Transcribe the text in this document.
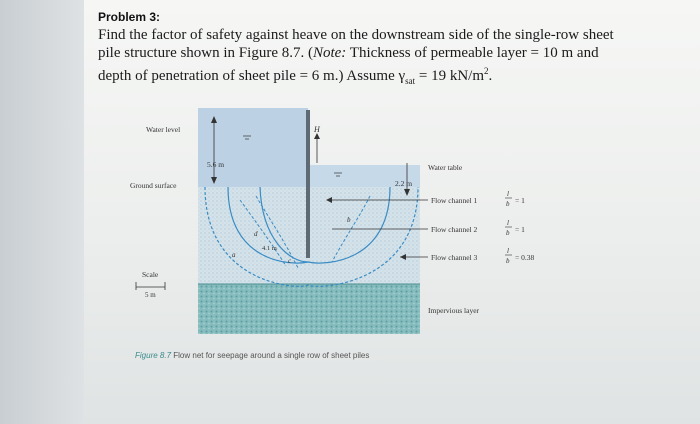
Problem 3:
Find the factor of safety against heave on the downstream side of the single-row sheet
pile structure shown in Figure 8.7. (Note: Thickness of permeable layer = 10 m and
depth of penetration of sheet pile = 6 m.) Assume $\gamma_{sat} = 19$ $kN/m^2$.
Water level
Ground surface
Water table
H
5.6 m
2.2 m
Flow channel 1
Flow channel 2
Flow channel 3
l
b = 1
l
b = 1
l
b = 0.38
Impervious layer
Scale
5 m
a
b
c
d
4.1 m
Figure 8.7 Flow net for seepage around a single row of sheet piles
